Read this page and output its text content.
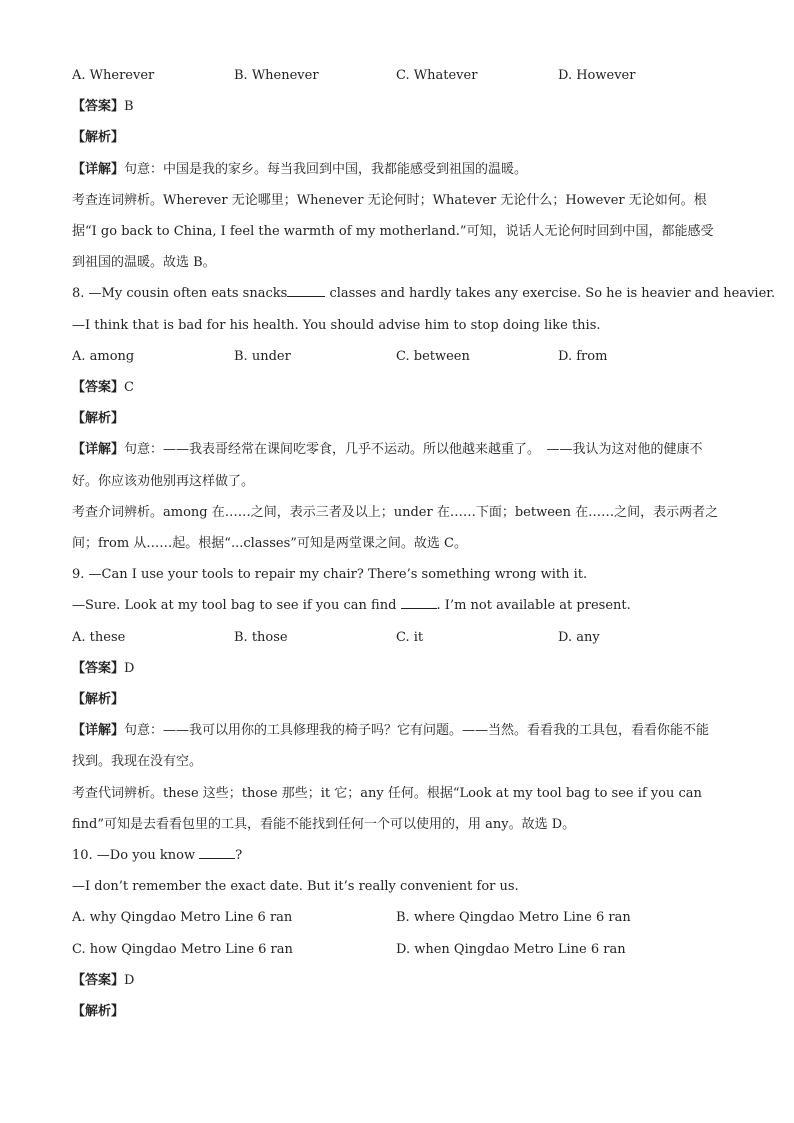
A. Wherever	B. Whenever	C. Whatever	D. However
【答案】B
【解析】
【详解】句意：中国是我的家乡。每当我回到中国，我都能感受到祖国的温暖。
考查连词辨析。Wherever 无论哪里；Whenever 无论何时；Whatever 无论什么；However 无论如何。根据“I go back to China, I feel the warmth of my motherland.”可知，说话人无论何时回到中国，都能感受到祖国的温暖。故选 B。
8. —My cousin often eats snacks	classes and hardly takes any exercise. So he is heavier and heavier.
—I think that is bad for his health. You should advise him to stop doing like this.
A. among	B. under	C. between	D. from
【答案】C
【解析】
【详解】句意：——我表哥经常在课间吃零食，几乎不运动。所以他越来越重了。　——我认为这对他的健康不好。你应该劝他别再这样做了。
考查介词辨析。among 在……之间，表示三者及以上；under 在……下面；between 在……之间，表示两者之间；from 从……起。根据“...classes”可知是两堂课之间。故选 C。
9. —Can I use your tools to repair my chair? There’s something wrong with it.
—Sure. Look at my tool bag to see if you can find	. I’m not available at present.
A. these	B. those	C. it	D. any
【答案】D
【解析】
【详解】句意：——我可以用你的工具修理我的椅子吗？它有问题。——当然。看看我的工具包，看看你能不能找到。我现在没有空。
考查代词辨析。these 这些；those 那些；it 它；any 任何。根据“Look at my tool bag to see if you can find”可知是去看看包里的工具，看能不能找到任何一个可以使用的，用 any。故选 D。
10. —Do you know	?
—I don’t remember the exact date. But it’s really convenient for us.
A. why Qingdao Metro Line 6 ran	B. where Qingdao Metro Line 6 ran
C. how Qingdao Metro Line 6 ran	D. when Qingdao Metro Line 6 ran
【答案】D
【解析】
